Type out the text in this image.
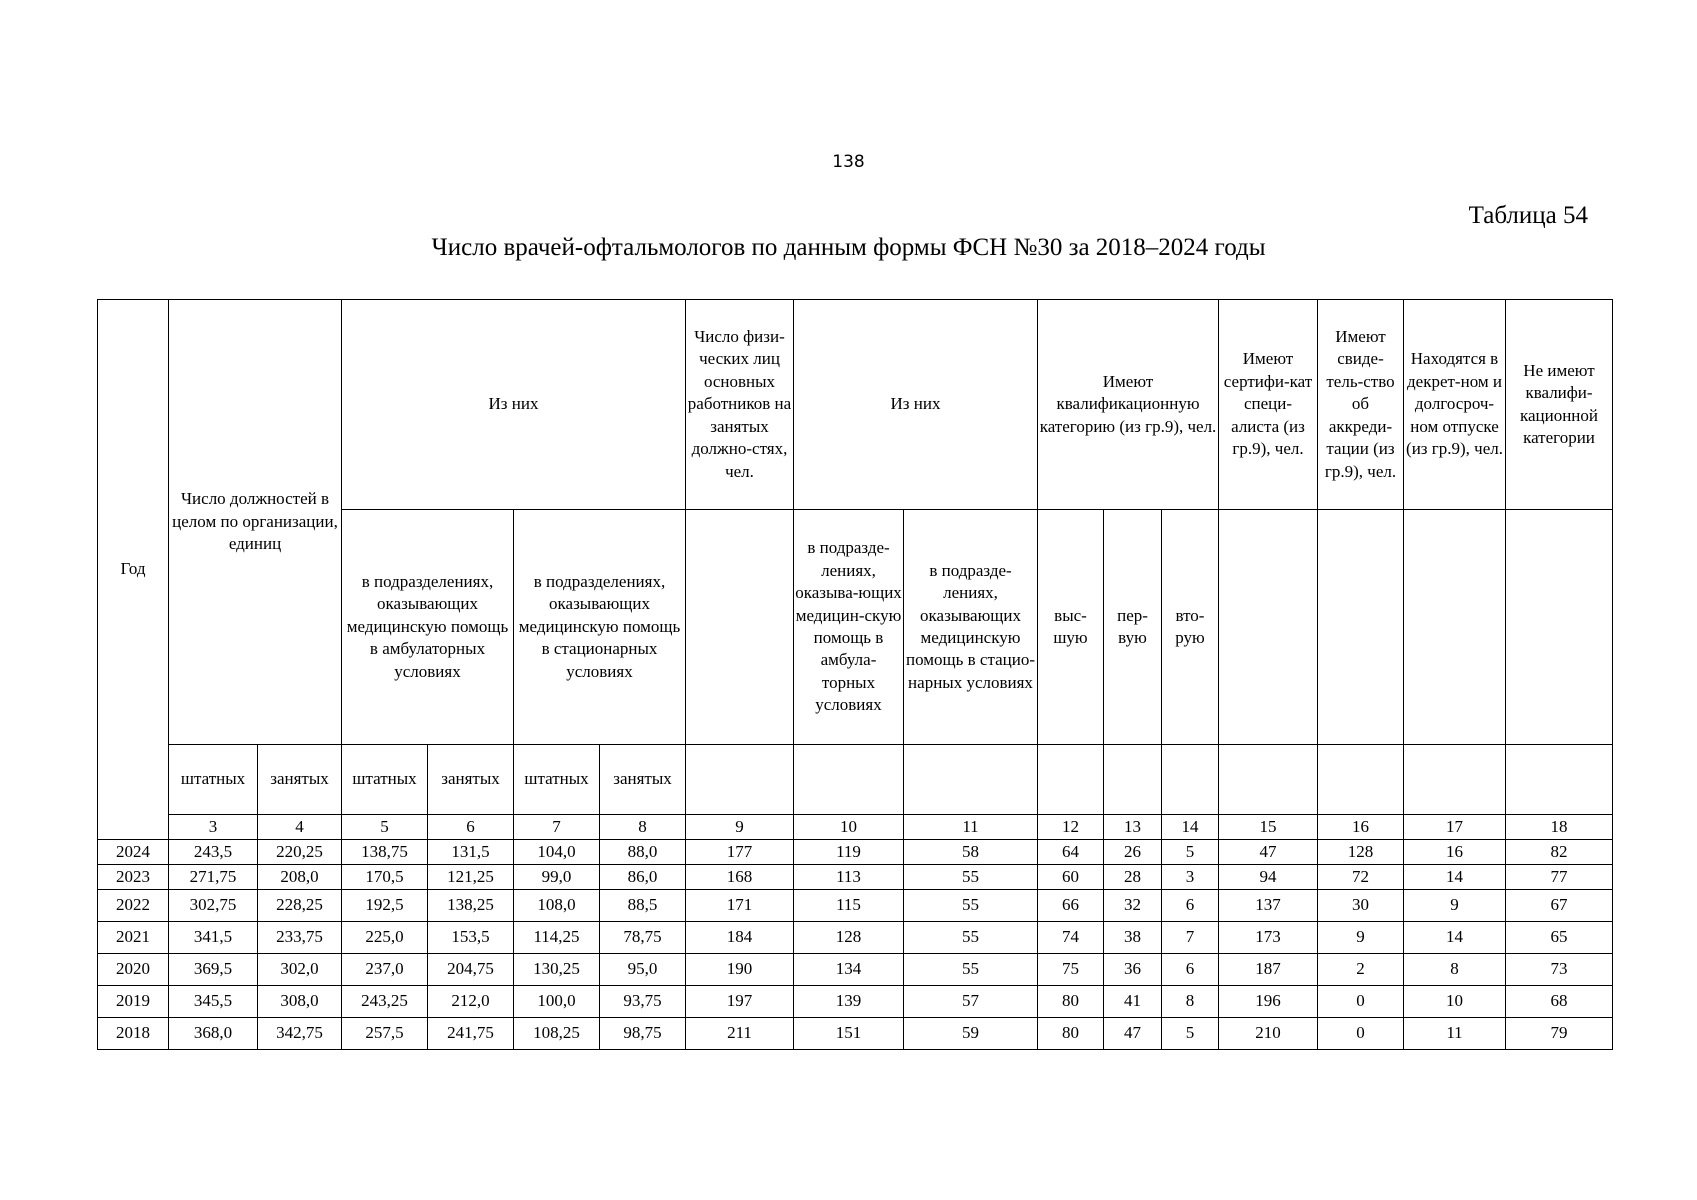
138
Таблица 54
Число врачей-офтальмологов по данным формы ФСН №30 за 2018–2024 годы
Год	Число должностей в целом по организации, единиц		Из них				Число физи-ческих лиц основных работников на занятых должно-стях, чел.	Из них		Имеют квалификационную категорию (из гр.9), чел.			Имеют сертифи-кат специ-алиста (из гр.9), чел.	Имеют свиде-тель-ство об аккреди-тации (из гр.9), чел.	Находятся в декрет-ном и долгосроч-ном отпуске (из гр.9), чел.	Не имеют квалифи-кационной категории
			в подразделениях, оказывающих медицинскую помощь в амбулаторных условиях		в подразделениях, оказывающих медицинскую помощь в стационарных условиях			в подразде-лениях, оказыва-ющих медицин-скую помощь в амбула-торных условиях	в подразде-лениях, оказывающих медицинскую помощь в стацио-нарных условиях	выс-шую	пер-вую	вто-рую				
	штатных	занятых	штатных	занятых	штатных	занятых										
	3	4	5	6	7	8	9	10	11	12	13	14	15	16	17	18
2024	243,5	220,25	138,75	131,5	104,0	88,0	177	119	58	64	26	5	47	128	16	82
2023	271,75	208,0	170,5	121,25	99,0	86,0	168	113	55	60	28	3	94	72	14	77
2022	302,75	228,25	192,5	138,25	108,0	88,5	171	115	55	66	32	6	137	30	9	67
2021	341,5	233,75	225,0	153,5	114,25	78,75	184	128	55	74	38	7	173	9	14	65
2020	369,5	302,0	237,0	204,75	130,25	95,0	190	134	55	75	36	6	187	2	8	73
2019	345,5	308,0	243,25	212,0	100,0	93,75	197	139	57	80	41	8	196	0	10	68
2018	368,0	342,75	257,5	241,75	108,25	98,75	211	151	59	80	47	5	210	0	11	79
